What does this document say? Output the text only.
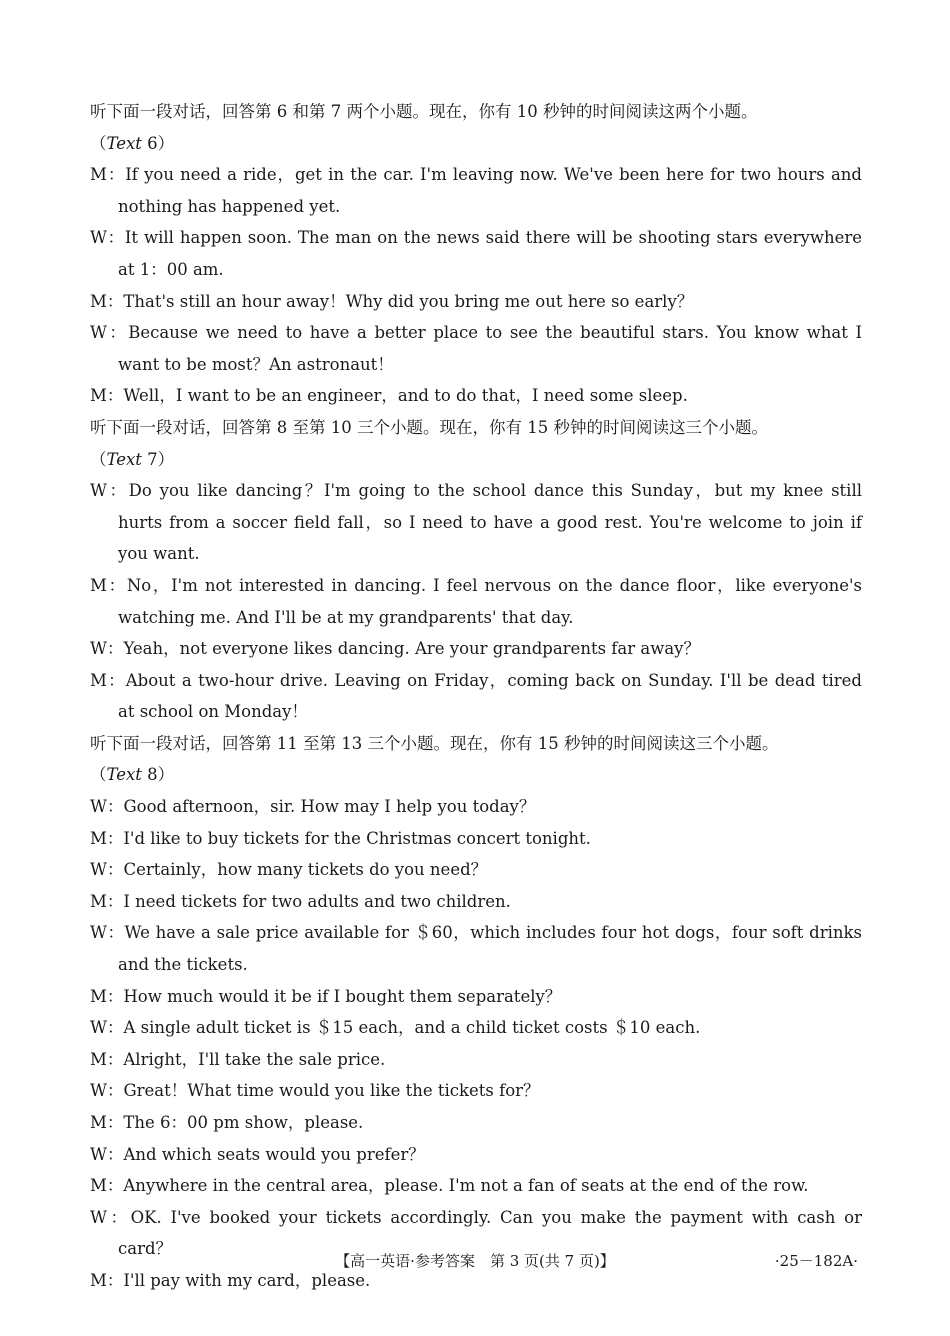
听下面一段对话，回答第 6 和第 7 两个小题。现在，你有 10 秒钟的时间阅读这两个小题。

（Text 6）

M：If you need a ride，get in the car. I'm leaving now. We've been here for two hours and nothing has happened yet.

W：It will happen soon. The man on the news said there will be shooting stars everywhere at 1：00 am.

M：That's still an hour away！Why did you bring me out here so early？

W：Because we need to have a better place to see the beautiful stars. You know what I want to be most？An astronaut！

M：Well，I want to be an engineer，and to do that，I need some sleep.

听下面一段对话，回答第 8 至第 10 三个小题。现在，你有 15 秒钟的时间阅读这三个小题。

（Text 7）

W：Do you like dancing？I'm going to the school dance this Sunday，but my knee still hurts from a soccer field fall，so I need to have a good rest. You're welcome to join if you want.

M：No，I'm not interested in dancing. I feel nervous on the dance floor，like everyone's watching me. And I'll be at my grandparents' that day.

W：Yeah，not everyone likes dancing. Are your grandparents far away？

M：About a two-hour drive. Leaving on Friday，coming back on Sunday. I'll be dead tired at school on Monday！

听下面一段对话，回答第 11 至第 13 三个小题。现在，你有 15 秒钟的时间阅读这三个小题。

（Text 8）

W：Good afternoon，sir. How may I help you today？

M：I'd like to buy tickets for the Christmas concert tonight.

W：Certainly，how many tickets do you need？

M：I need tickets for two adults and two children.

W：We have a sale price available for ＄60，which includes four hot dogs，four soft drinks and the tickets.

M：How much would it be if I bought them separately？

W：A single adult ticket is ＄15 each，and a child ticket costs ＄10 each.

M：Alright，I'll take the sale price.

W：Great！What time would you like the tickets for？

M：The 6：00 pm show，please.

W：And which seats would you prefer？

M：Anywhere in the central area，please. I'm not a fan of seats at the end of the row.

W：OK. I've booked your tickets accordingly. Can you make the payment with cash or card？

M：I'll pay with my card，please.

【高一英语·参考答案　第 3 页(共 7 页)】	·25－182A·
